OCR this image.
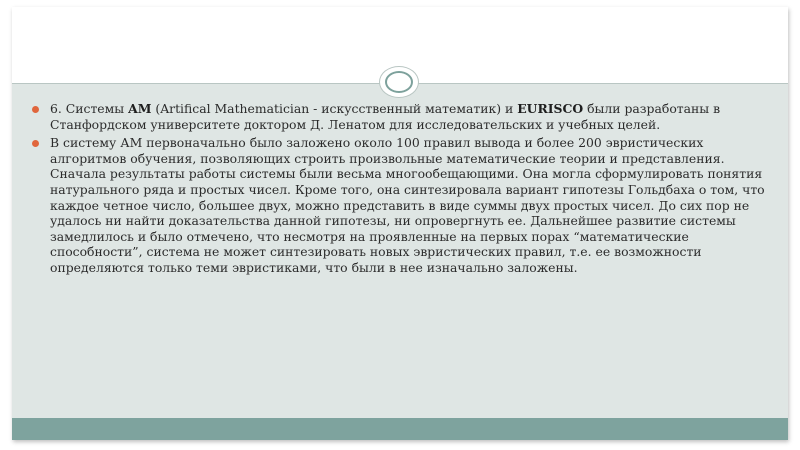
6. Системы AM (Artifical Mathematician - искусственный математик) и EURISCO были разработаны в Станфордском университете доктором Д. Ленатом для исследовательских и учебных целей.

В систему АМ первоначально было заложено около 100 правил вывода и более 200 эвристических алгоритмов обучения, позволяющих строить произвольные математические теории и представления. Сначала результаты работы системы были весьма многообещающими. Она могла сформулировать понятия натурального ряда и простых чисел. Кроме того, она синтезировала вариант гипотезы Гольдбаха о том, что каждое четное число, большее двух, можно представить в виде суммы двух простых чисел. До сих пор не удалось ни найти доказательства данной гипотезы, ни опровергнуть ее. Дальнейшее развитие системы замедлилось и было отмечено, что несмотря на проявленные на первых порах “математические способности”, система не может синтезировать новых эвристических правил, т.е. ее возможности определяются только теми эвристиками, что были в нее изначально заложены.
